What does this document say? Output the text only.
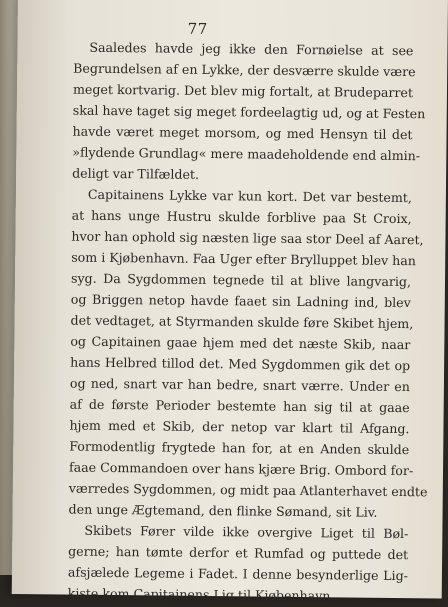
77
Saaledes havde jeg ikke den Fornøielse at see
Begrundelsen af en Lykke, der desværre skulde være
meget kortvarig. Det blev mig fortalt, at Brudeparret
skal have taget sig meget fordeelagtig ud, og at Festen
havde været meget morsom, og med Hensyn til det
»flydende Grundlag« mere maadeholdende end almin-
deligt var Tilfældet.
Capitainens Lykke var kun kort. Det var bestemt,
at hans unge Hustru skulde forblive paa St Croix,
hvor han ophold sig næsten lige saa stor Deel af Aaret,
som i Kjøbenhavn. Faa Uger efter Brylluppet blev han
syg. Da Sygdommen tegnede til at blive langvarig,
og Briggen netop havde faaet sin Ladning ind, blev
det vedtaget, at Styrmanden skulde føre Skibet hjem,
og Capitainen gaae hjem med det næste Skib, naar
hans Helbred tillod det. Med Sygdommen gik det op
og ned, snart var han bedre, snart værre. Under en
af de første Perioder bestemte han sig til at gaae
hjem med et Skib, der netop var klart til Afgang.
Formodentlig frygtede han for, at en Anden skulde
faae Commandoen over hans kjære Brig. Ombord for-
værredes Sygdommen, og midt paa Atlanterhavet endte
den unge Ægtemand, den flinke Sømand, sit Liv.
Skibets Fører vilde ikke overgive Liget til Bøl-
gerne; han tømte derfor et Rumfad og puttede det
afsjælede Legeme i Fadet. I denne besynderlige Lig-
kiste kom Capitainens Lig til Kjøbenhavn.
